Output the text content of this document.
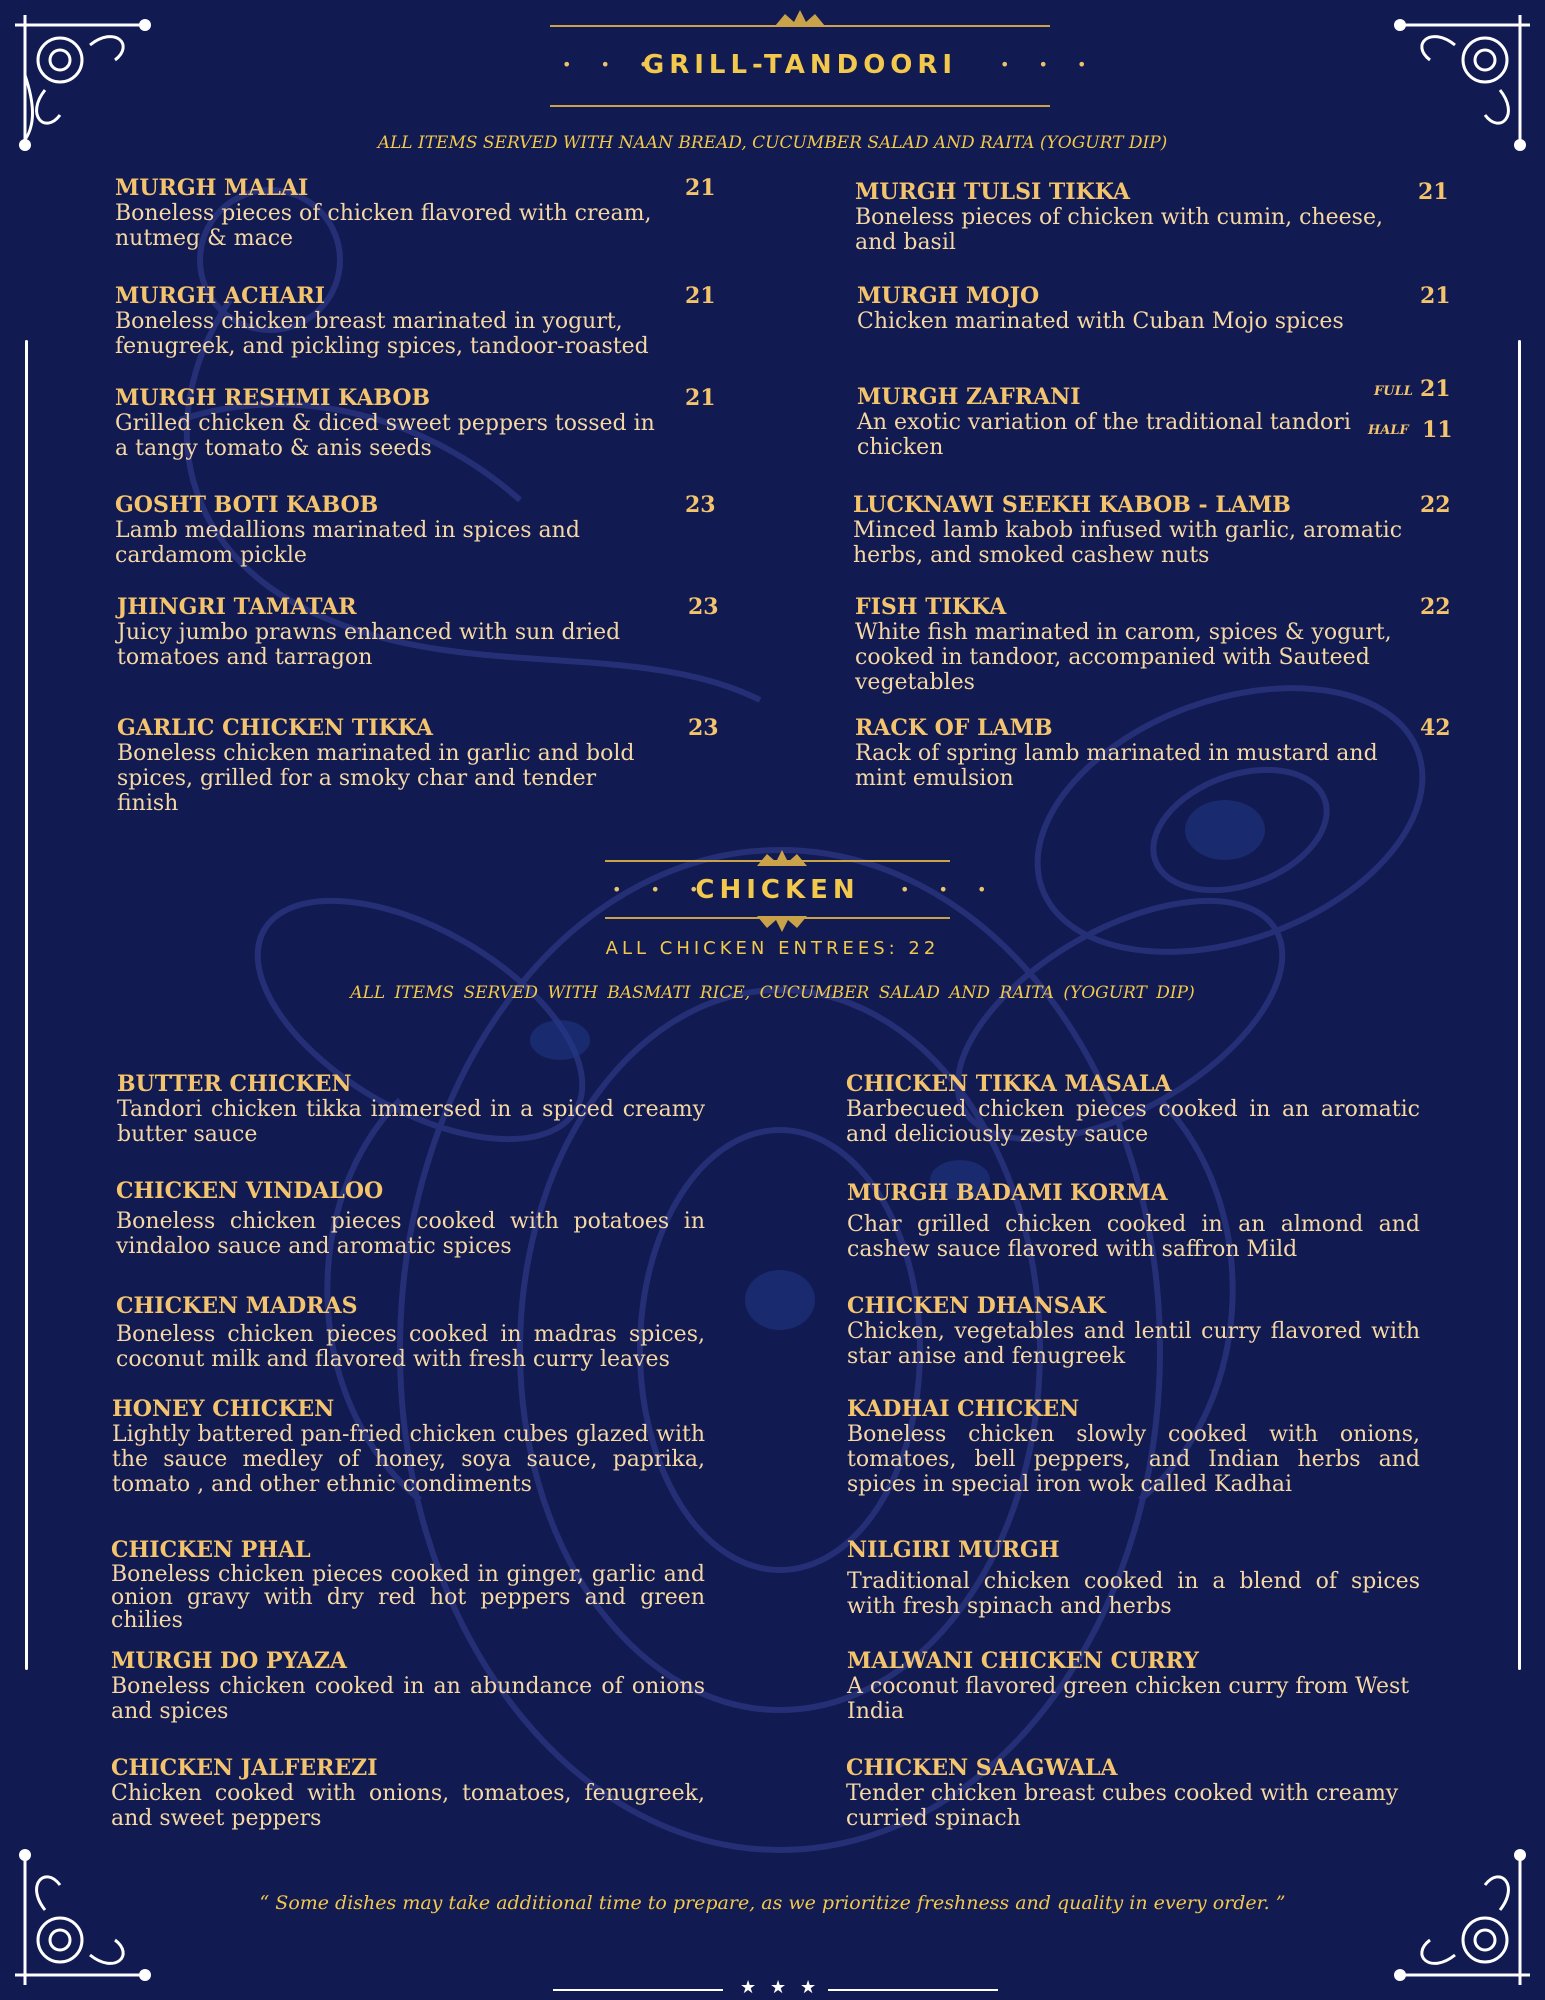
• • •
GRILL-TANDOORI	• • •
ALL ITEMS SERVED WITH NAAN BREAD, CUCUMBER SALAD AND RAITA (YOGURT DIP)
MURGH MALAI
Boneless pieces of chicken flavored with cream, nutmeg & mace
21
MURGH ACHARI
Boneless chicken breast marinated in yogurt, fenugreek, and pickling spices, tandoor-roasted
21
MURGH RESHMI KABOB
Grilled chicken & diced sweet peppers tossed in a tangy tomato & anis seeds
21
GOSHT BOTI KABOB
Lamb medallions marinated in spices and cardamom pickle
23
JHINGRI TAMATAR
Juicy jumbo prawns enhanced with sun dried tomatoes and tarragon
23
GARLIC CHICKEN TIKKA
Boneless chicken marinated in garlic and bold spices, grilled for a smoky char and tender finish
23
MURGH TULSI TIKKA
Boneless pieces of chicken with cumin, cheese, and basil
21
MURGH MOJO
Chicken marinated with Cuban Mojo spices
21
MURGH ZAFRANI
An exotic variation of the traditional tandori chicken
FULL 21
HALF 11
LUCKNAWI SEEKH KABOB - LAMB
Minced lamb kabob infused with garlic, aromatic herbs, and smoked cashew nuts
22
FISH TIKKA
White fish marinated in carom, spices & yogurt, cooked in tandoor, accompanied with Sauteed vegetables
22
RACK OF LAMB
Rack of spring lamb marinated in mustard and mint emulsion
42
• • •
CHICKEN	• • •
ALL CHICKEN ENTREES: 22
ALL ITEMS SERVED WITH BASMATI RICE, CUCUMBER SALAD AND RAITA (YOGURT DIP)
BUTTER CHICKEN
Tandori chicken tikka immersed in a spiced creamy butter sauce
CHICKEN VINDALOO
Boneless chicken pieces cooked with potatoes in vindaloo sauce and aromatic spices
CHICKEN MADRAS
Boneless chicken pieces cooked in madras spices, coconut milk and flavored with fresh curry leaves
HONEY CHICKEN
Lightly battered pan-fried chicken cubes glazed with the sauce medley of honey, soya sauce, paprika, tomato , and other ethnic condiments
CHICKEN PHAL
Boneless chicken pieces cooked in ginger, garlic and onion gravy with dry red hot peppers and green chilies
MURGH DO PYAZA
Boneless chicken cooked in an abundance of onions and spices
CHICKEN JALFEREZI
Chicken cooked with onions, tomatoes, fenugreek, and sweet peppers
CHICKEN TIKKA MASALA
Barbecued chicken pieces cooked in an aromatic and deliciously zesty sauce
MURGH BADAMI KORMA
Char grilled chicken cooked in an almond and cashew sauce flavored with saffron Mild
CHICKEN DHANSAK
Chicken, vegetables and lentil curry flavored with star anise and fenugreek
KADHAI CHICKEN
Boneless chicken slowly cooked with onions, tomatoes, bell peppers, and Indian herbs and spices in special iron wok called Kadhai
NILGIRI MURGH
Traditional chicken cooked in a blend of spices with fresh spinach and herbs
MALWANI CHICKEN CURRY
A coconut flavored green chicken curry from West India
CHICKEN SAAGWALA
Tender chicken breast cubes cooked with creamy curried spinach
“ Some dishes may take additional time to prepare, as we prioritize freshness and quality in every order. ”
★ ★ ★
